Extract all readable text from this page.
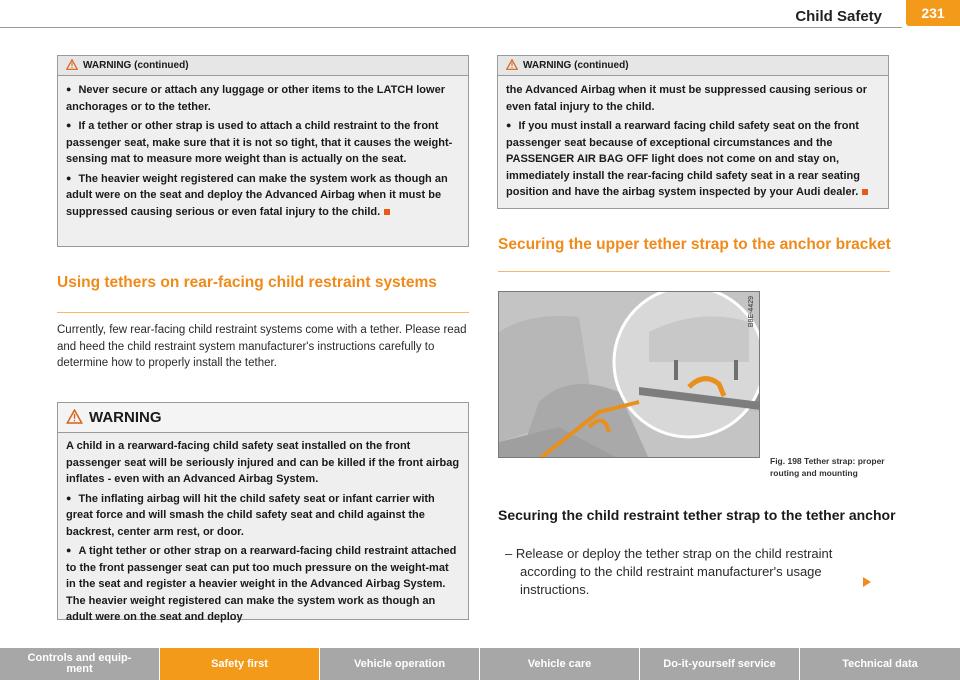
Child Safety	231
WARNING (continued)

● Never secure or attach any luggage or other items to the LATCH lower anchorages or to the tether.

● If a tether or other strap is used to attach a child restraint to the front passenger seat, make sure that it is not so tight, that it causes the weight-sensing mat to measure more weight than is actually on the seat.

● The heavier weight registered can make the system work as though an adult were on the seat and deploy the Advanced Airbag when it must be suppressed causing serious or even fatal injury to the child.

Using tethers on rear-facing child restraint systems
Currently, few rear-facing child restraint systems come with a tether. Please read and heed the child restraint system manufacturer's instructions carefully to determine how to properly install the tether.
WARNING

A child in a rearward-facing child safety seat installed on the front passenger seat will be seriously injured and can be killed if the front airbag inflates - even with an Advanced Airbag System.

● The inflating airbag will hit the child safety seat or infant carrier with great force and will smash the child safety seat and child against the backrest, center arm rest, or door.

● A tight tether or other strap on a rearward-facing child restraint attached to the front passenger seat can put too much pressure on the weight-mat in the seat and register a heavier weight in the Advanced Airbag System. The heavier weight registered can make the system work as though an adult were on the seat and deploy

WARNING (continued)

the Advanced Airbag when it must be suppressed causing serious or even fatal injury to the child.

● If you must install a rearward facing child safety seat on the front passenger seat because of exceptional circumstances and the PASSENGER AIR BAG OFF light does not come on and stay on, immediately install the rear-facing child safety seat in a rear seating position and have the airbag system inspected by your Audi dealer.

Securing the upper tether strap to the anchor bracket
B8E-4429
Fig. 198 Tether strap: proper routing and mounting
Securing the child restraint tether strap to the tether anchor
– Release or deploy the tether strap on the child restraint according to the child restraint manufacturer's usage instructions.
Controls and equip-
ment	Safety first	Vehicle operation	Vehicle care	Do-it-yourself service	Technical data
